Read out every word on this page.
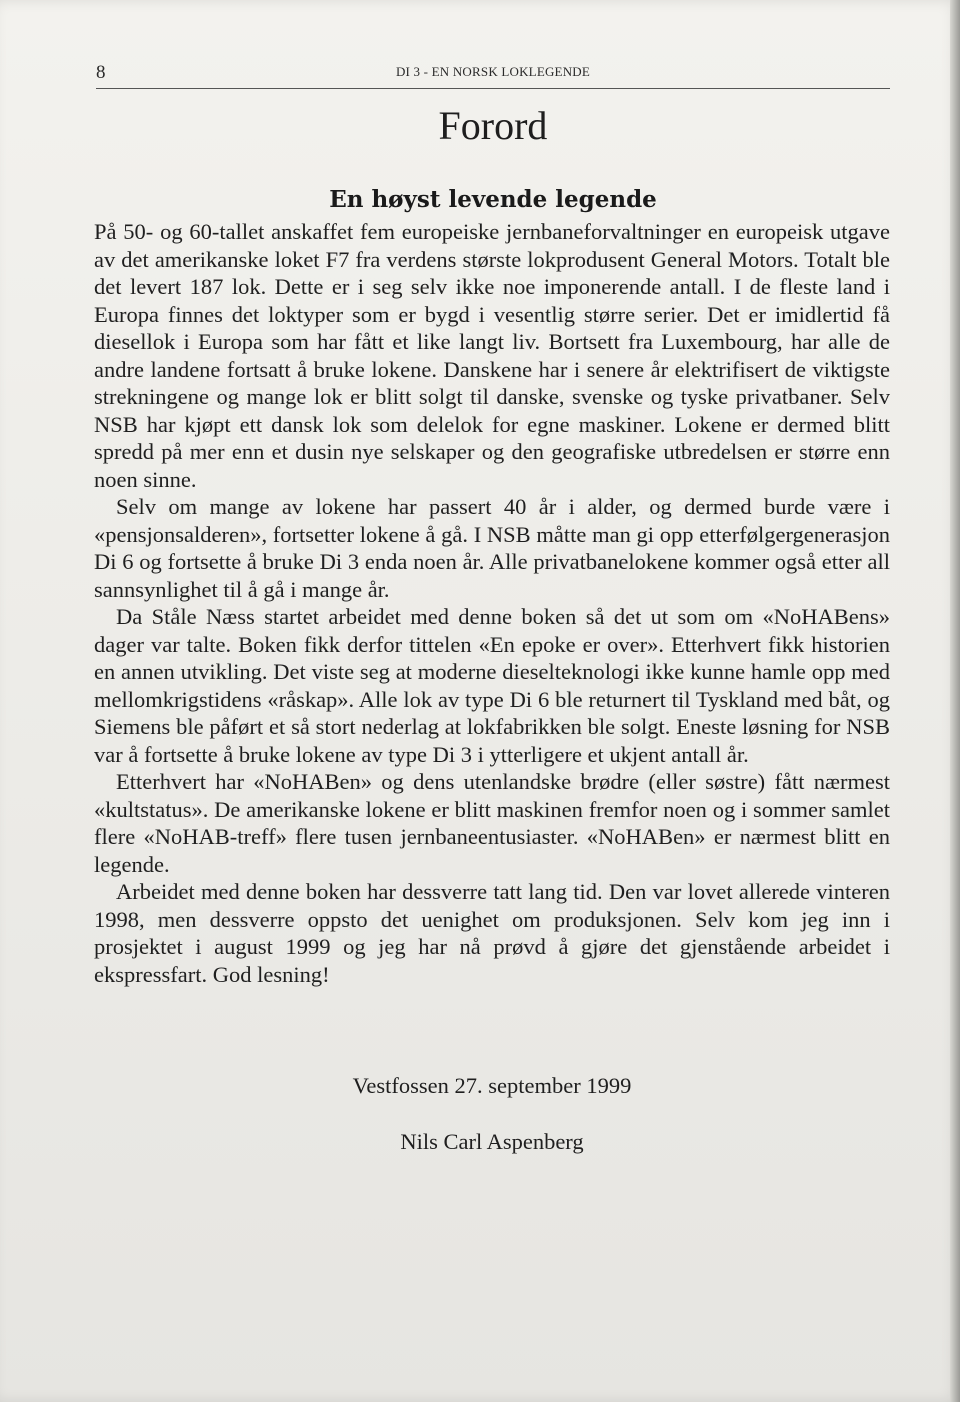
8	DI 3 - EN NORSK LOKLEGENDE
Forord
En høyst levende legende

På 50- og 60-tallet anskaffet fem europeiske jernbaneforvaltninger en europeisk utgave av det amerikanske loket F7 fra verdens største lokprodusent General Motors. Totalt ble det levert 187 lok. Dette er i seg selv ikke noe imponerende antall. I de fleste land i Europa finnes det loktyper som er bygd i vesentlig større serier. Det er imidlertid få diesellok i Europa som har fått et like langt liv. Bortsett fra Luxembourg, har alle de andre landene fortsatt å bruke lokene. Danskene har i senere år elektrifisert de viktigste strekningene og mange lok er blitt solgt til danske, svenske og tyske privatbaner. Selv NSB har kjøpt ett dansk lok som delelok for egne maskiner. Lokene er dermed blitt spredd på mer enn et dusin nye selskaper og den geografiske utbredelsen er større enn noen sinne.

Selv om mange av lokene har passert 40 år i alder, og dermed burde være i «pensjonsalderen», fortsetter lokene å gå. I NSB måtte man gi opp etterfølgergenerasjon Di 6 og fortsette å bruke Di 3 enda noen år. Alle privatbanelokene kommer også etter all sannsynlighet til å gå i mange år.

Da Ståle Næss startet arbeidet med denne boken så det ut som om «NoHABens» dager var talte. Boken fikk derfor tittelen «En epoke er over». Etterhvert fikk historien en annen utvikling. Det viste seg at moderne dieselteknologi ikke kunne hamle opp med mellomkrigstidens «råskap». Alle lok av type Di 6 ble returnert til Tyskland med båt, og Siemens ble påført et så stort nederlag at lokfabrikken ble solgt. Eneste løsning for NSB var å fortsette å bruke lokene av type Di 3 i ytterligere et ukjent antall år.

Etterhvert har «NoHABen» og dens utenlandske brødre (eller søstre) fått nærmest «kultstatus». De amerikanske lokene er blitt maskinen fremfor noen og i sommer samlet flere «NoHAB-treff» flere tusen jernbaneentusiaster. «NoHABen» er nærmest blitt en legende.

Arbeidet med denne boken har dessverre tatt lang tid. Den var lovet allerede vinteren 1998, men dessverre oppsto det uenighet om produksjonen. Selv kom jeg inn i prosjektet i august 1999 og jeg har nå prøvd å gjøre det gjenstående arbeidet i ekspressfart. God lesning!

Vestfossen 27. september 1999
Nils Carl Aspenberg
